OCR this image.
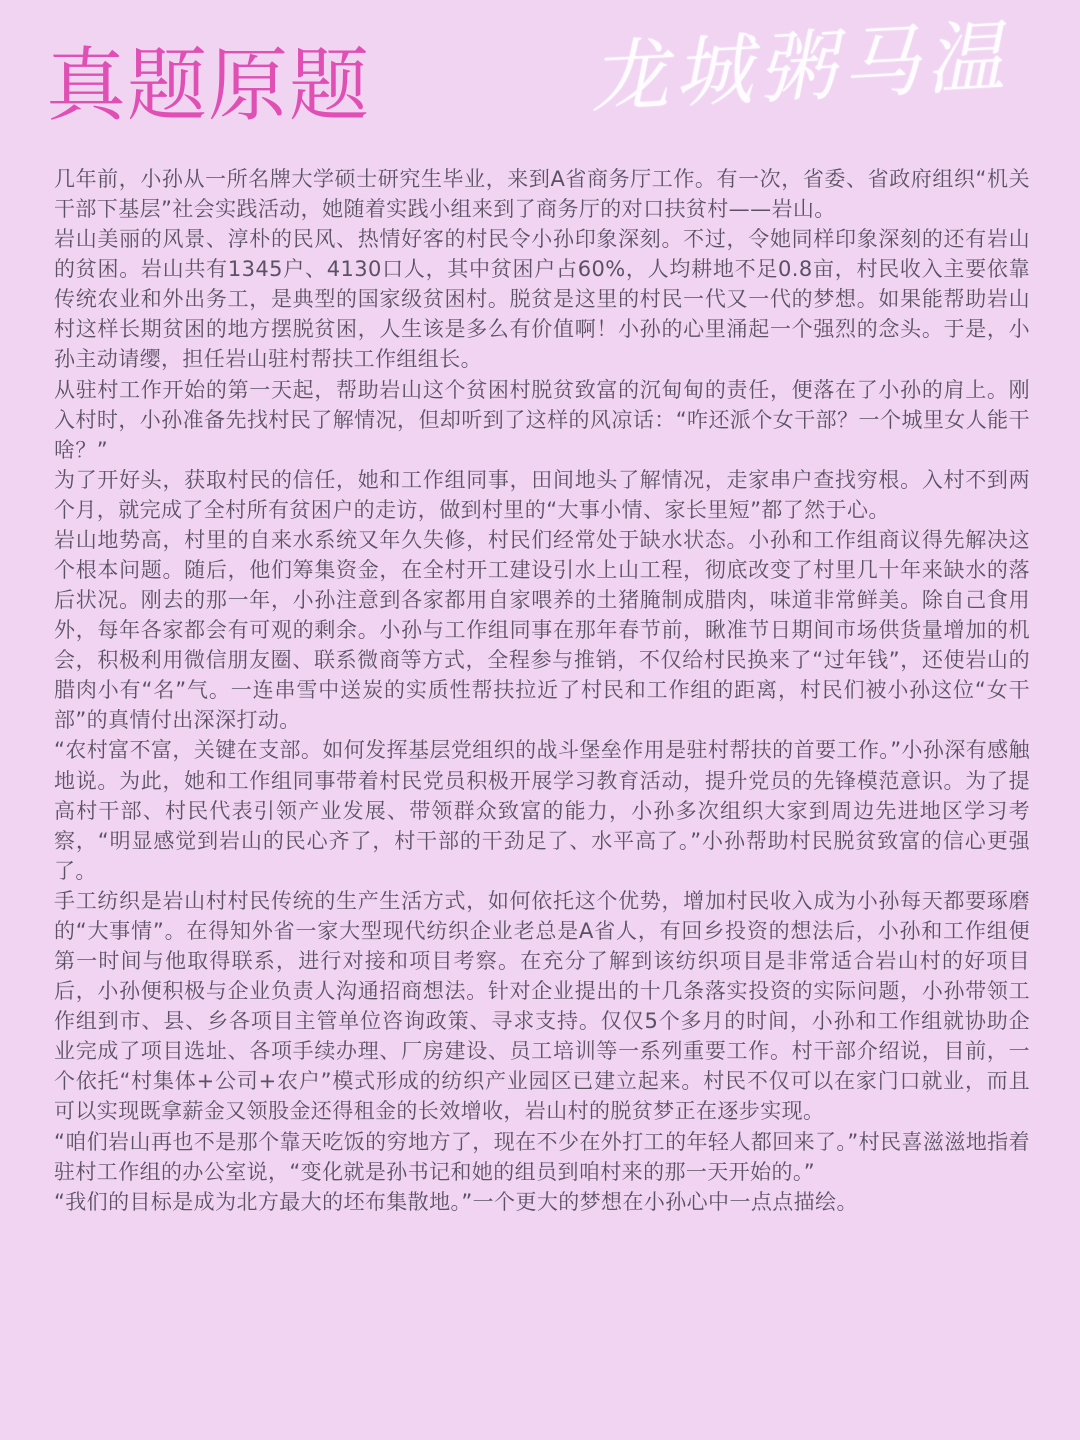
真题原题	龙城粥马温

几年前，小孙从一所名牌大学硕士研究生毕业，来到A省商务厅工作。有一次，省委、省政府组织“机关干部下基层”社会实践活动，她随着实践小组来到了商务厅的对口扶贫村——岩山。

岩山美丽的风景、淳朴的民风、热情好客的村民令小孙印象深刻。不过，令她同样印象深刻的还有岩山的贫困。岩山共有1345户、4130口人，其中贫困户占60%，人均耕地不足0.8亩，村民收入主要依靠传统农业和外出务工，是典型的国家级贫困村。脱贫是这里的村民一代又一代的梦想。如果能帮助岩山村这样长期贫困的地方摆脱贫困，人生该是多么有价值啊！小孙的心里涌起一个强烈的念头。于是，小孙主动请缨，担任岩山驻村帮扶工作组组长。

从驻村工作开始的第一天起，帮助岩山这个贫困村脱贫致富的沉甸甸的责任，便落在了小孙的肩上。刚入村时，小孙准备先找村民了解情况，但却听到了这样的风凉话：“咋还派个女干部？一个城里女人能干啥？”

为了开好头，获取村民的信任，她和工作组同事，田间地头了解情况，走家串户查找穷根。入村不到两个月，就完成了全村所有贫困户的走访，做到村里的“大事小情、家长里短”都了然于心。

岩山地势高，村里的自来水系统又年久失修，村民们经常处于缺水状态。小孙和工作组商议得先解决这个根本问题。随后，他们筹集资金，在全村开工建设引水上山工程，彻底改变了村里几十年来缺水的落后状况。刚去的那一年，小孙注意到各家都用自家喂养的土猪腌制成腊肉，味道非常鲜美。除自己食用外，每年各家都会有可观的剩余。小孙与工作组同事在那年春节前，瞅准节日期间市场供货量增加的机会，积极利用微信朋友圈、联系微商等方式，全程参与推销，不仅给村民换来了“过年钱”，还使岩山的腊肉小有“名”气。一连串雪中送炭的实质性帮扶拉近了村民和工作组的距离，村民们被小孙这位“女干部”的真情付出深深打动。

“农村富不富，关键在支部。如何发挥基层党组织的战斗堡垒作用是驻村帮扶的首要工作。”小孙深有感触地说。为此，她和工作组同事带着村民党员积极开展学习教育活动，提升党员的先锋模范意识。为了提高村干部、村民代表引领产业发展、带领群众致富的能力，小孙多次组织大家到周边先进地区学习考察，“明显感觉到岩山的民心齐了，村干部的干劲足了、水平高了。”小孙帮助村民脱贫致富的信心更强了。

手工纺织是岩山村村民传统的生产生活方式，如何依托这个优势，增加村民收入成为小孙每天都要琢磨的“大事情”。在得知外省一家大型现代纺织企业老总是A省人，有回乡投资的想法后，小孙和工作组便第一时间与他取得联系，进行对接和项目考察。在充分了解到该纺织项目是非常适合岩山村的好项目后，小孙便积极与企业负责人沟通招商想法。针对企业提出的十几条落实投资的实际问题，小孙带领工作组到市、县、乡各项目主管单位咨询政策、寻求支持。仅仅5个多月的时间，小孙和工作组就协助企业完成了项目选址、各项手续办理、厂房建设、员工培训等一系列重要工作。村干部介绍说，目前，一个依托“村集体+公司+农户”模式形成的纺织产业园区已建立起来。村民不仅可以在家门口就业，而且可以实现既拿薪金又领股金还得租金的长效增收，岩山村的脱贫梦正在逐步实现。

“咱们岩山再也不是那个靠天吃饭的穷地方了，现在不少在外打工的年轻人都回来了。”村民喜滋滋地指着驻村工作组的办公室说，“变化就是孙书记和她的组员到咱村来的那一天开始的。”

“我们的目标是成为北方最大的坯布集散地。”一个更大的梦想在小孙心中一点点描绘。
